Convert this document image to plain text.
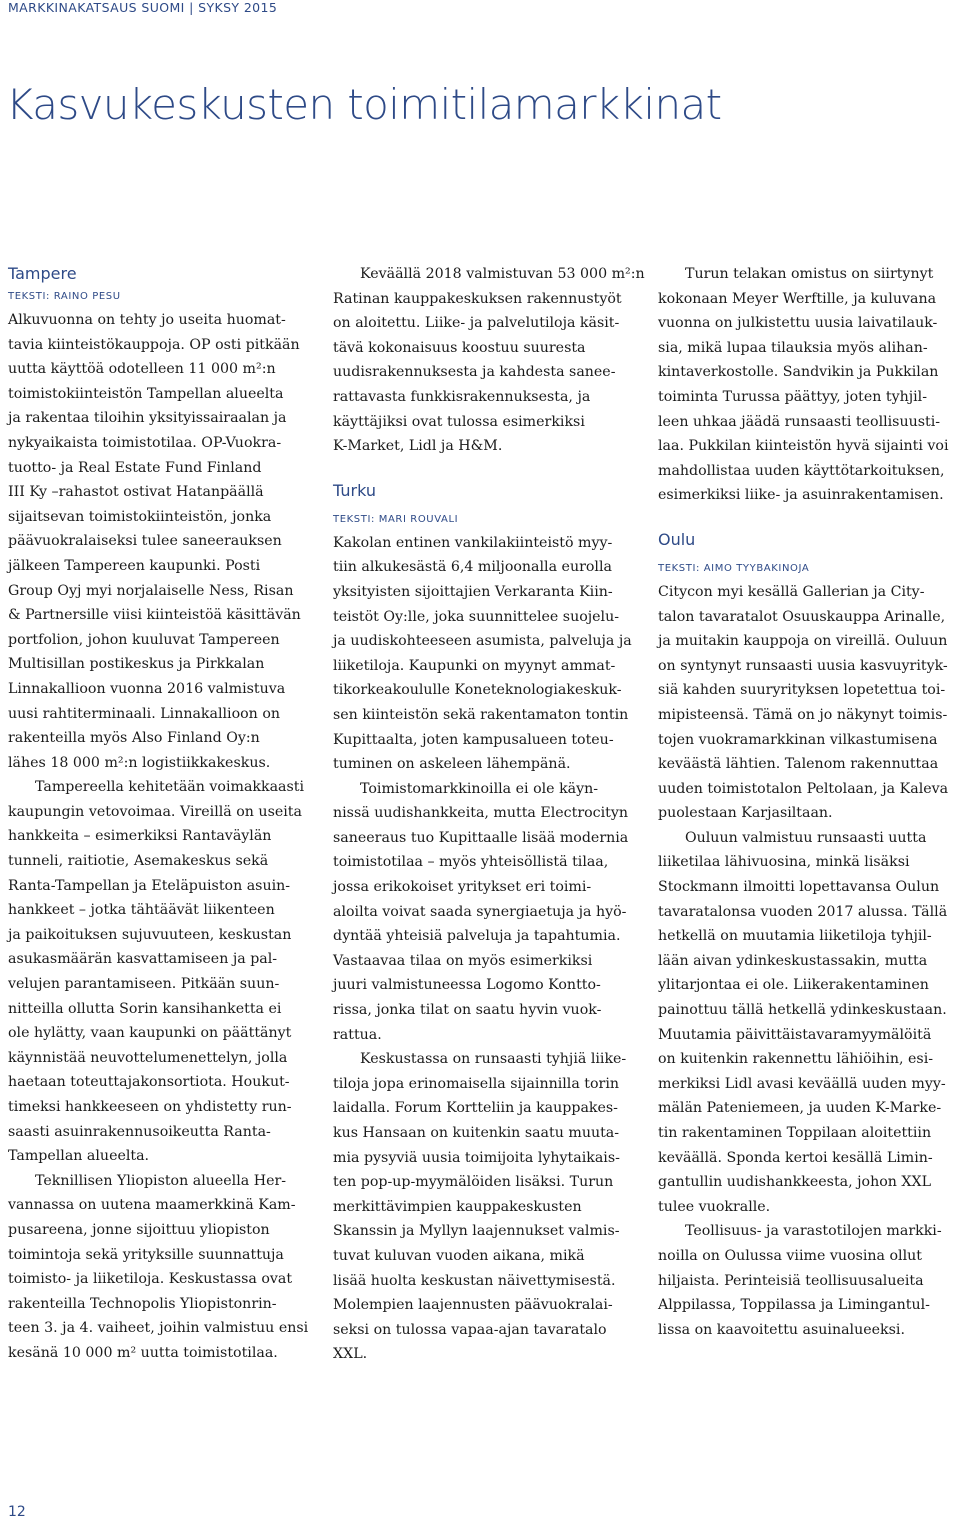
MARKKINAKATSAUS SUOMI | SYKSY 2015
Kasvukeskusten toimitilamarkkinat
Tampere
TEKSTI: RAINO PESU

Alkuvuonna on tehty jo useita huomat-
tavia kiinteistökauppoja. OP osti pitkään
uutta käyttöä odotelleen 11 000 m²:n
toimistokiinteistön Tampellan alueelta
ja rakentaa tiloihin yksityissairaalan ja
nykyaikaista toimistotilaa. OP-Vuokra-
tuotto- ja Real Estate Fund Finland
III Ky –rahastot ostivat Hatanpäällä
sijaitsevan toimistokiinteistön, jonka
päävuokralaiseksi tulee saneerauksen
jälkeen Tampereen kaupunki. Posti
Group Oyj myi norjalaiselle Ness, Risan
& Partnersille viisi kiinteistöä käsittävän
portfolion, johon kuuluvat Tampereen
Multisillan postikeskus ja Pirkkalan
Linnakallioon vuonna 2016 valmistuva
uusi rahtiterminaali. Linnakallioon on
rakenteilla myös Also Finland Oy:n
lähes 18 000 m²:n logistiikkakeskus.

Tampereella kehitetään voimakkaasti
kaupungin vetovoimaa. Vireillä on useita
hankkeita – esimerkiksi Rantaväylän
tunneli, raitiotie, Asemakeskus sekä
Ranta-Tampellan ja Eteläpuiston asuin-
hankkeet – jotka tähtäävät liikenteen
ja paikoituksen sujuvuuteen, keskustan
asukasmäärän kasvattamiseen ja pal-
velujen parantamiseen. Pitkään suun-
nitteilla ollutta Sorin kansihanketta ei
ole hylätty, vaan kaupunki on päättänyt
käynnistää neuvottelumenettelyn, jolla
haetaan toteuttajakonsortiota. Houkut-
timeksi hankkeeseen on yhdistetty run-
saasti asuinrakennusoikeutta Ranta-
Tampellan alueelta.

Teknillisen Yliopiston alueella Her-
vannassa on uutena maamerkkinä Kam-
pusareena, jonne sijoittuu yliopiston
toimintoja sekä yrityksille suunnattuja
toimisto- ja liiketiloja. Keskustassa ovat
rakenteilla Technopolis Yliopistonrin-
teen 3. ja 4. vaiheet, joihin valmistuu ensi
kesänä 10 000 m² uutta toimistotilaa.

Keväällä 2018 valmistuvan 53 000 m²:n
Ratinan kauppakeskuksen rakennustyöt
on aloitettu. Liike- ja palvelutiloja käsit-
tävä kokonaisuus koostuu suuresta
uudisrakennuksesta ja kahdesta sanee-
rattavasta funkkisrakennuksesta, ja
käyttäjiksi ovat tulossa esimerkiksi
K-Market, Lidl ja H&M.

Turku
TEKSTI: MARI ROUVALI

Kakolan entinen vankilakiinteistö myy-
tiin alkukesästä 6,4 miljoonalla eurolla
yksityisten sijoittajien Verkaranta Kiin-
teistöt Oy:lle, joka suunnittelee suojelu-
ja uudiskohteeseen asumista, palveluja ja
liiketiloja. Kaupunki on myynyt ammat-
tikorkeakoululle Koneteknologiakeskuk-
sen kiinteistön sekä rakentamaton tontin
Kupittaalta, joten kampusalueen toteu-
tuminen on askeleen lähempänä.

Toimistomarkkinoilla ei ole käyn-
nissä uudishankkeita, mutta Electrocityn
saneeraus tuo Kupittaalle lisää modernia
toimistotilaa – myös yhteisöllistä tilaa,
jossa erikokoiset yritykset eri toimi-
aloilta voivat saada synergiaetuja ja hyö-
dyntää yhteisiä palveluja ja tapahtumia.
Vastaavaa tilaa on myös esimerkiksi
juuri valmistuneessa Logomo Kontto-
rissa, jonka tilat on saatu hyvin vuok-
rattua.

Keskustassa on runsaasti tyhjiä liike-
tiloja jopa erinomaisella sijainnilla torin
laidalla. Forum Kortteliin ja kauppakes-
kus Hansaan on kuitenkin saatu muuta-
mia pysyviä uusia toimijoita lyhytaikais-
ten pop-up-myymälöiden lisäksi. Turun
merkittävimpien kauppakeskusten
Skanssin ja Myllyn laajennukset valmis-
tuvat kuluvan vuoden aikana, mikä
lisää huolta keskustan näivettymisestä.
Molempien laajennusten päävuokralai-
seksi on tulossa vapaa-ajan tavaratalo
XXL.

Turun telakan omistus on siirtynyt
kokonaan Meyer Werftille, ja kuluvana
vuonna on julkistettu uusia laivatilauk-
sia, mikä lupaa tilauksia myös alihan-
kintaverkostolle. Sandvikin ja Pukkilan
toiminta Turussa päättyy, joten tyhjil-
leen uhkaa jäädä runsaasti teollisuusti-
laa. Pukkilan kiinteistön hyvä sijainti voi
mahdollistaa uuden käyttötarkoituksen,
esimerkiksi liike- ja asuinrakentamisen.

Oulu
TEKSTI: AIMO TYYBAKINOJA

Citycon myi kesällä Gallerian ja City-
talon tavaratalot Osuuskauppa Arinalle,
ja muitakin kauppoja on vireillä. Ouluun
on syntynyt runsaasti uusia kasvuyrityk-
siä kahden suuryrityksen lopetettua toi-
mipisteensä. Tämä on jo näkynyt toimis-
tojen vuokramarkkinan vilkastumisena
keväästä lähtien. Talenom rakennuttaa
uuden toimistotalon Peltolaan, ja Kaleva
puolestaan Karjasiltaan.

Ouluun valmistuu runsaasti uutta
liiketilaa lähivuosina, minkä lisäksi
Stockmann ilmoitti lopettavansa Oulun
tavaratalonsa vuoden 2017 alussa. Tällä
hetkellä on muutamia liiketiloja tyhjil-
lään aivan ydinkeskustassakin, mutta
ylitarjontaa ei ole. Liikerakentaminen
painottuu tällä hetkellä ydinkeskustaan.
Muutamia päivittäistavaramyymälöitä
on kuitenkin rakennettu lähiöihin, esi-
merkiksi Lidl avasi keväällä uuden myy-
mälän Pateniemeen, ja uuden K-Marke-
tin rakentaminen Toppilaan aloitettiin
keväällä. Sponda kertoi kesällä Limin-
gantullin uudishankkeesta, johon XXL
tulee vuokralle.

Teollisuus- ja varastotilojen markki-
noilla on Oulussa viime vuosina ollut
hiljaista. Perinteisiä teollisuusalueita
Alppilassa, Toppilassa ja Limingantul-
lissa on kaavoitettu asuinalueeksi.

12
